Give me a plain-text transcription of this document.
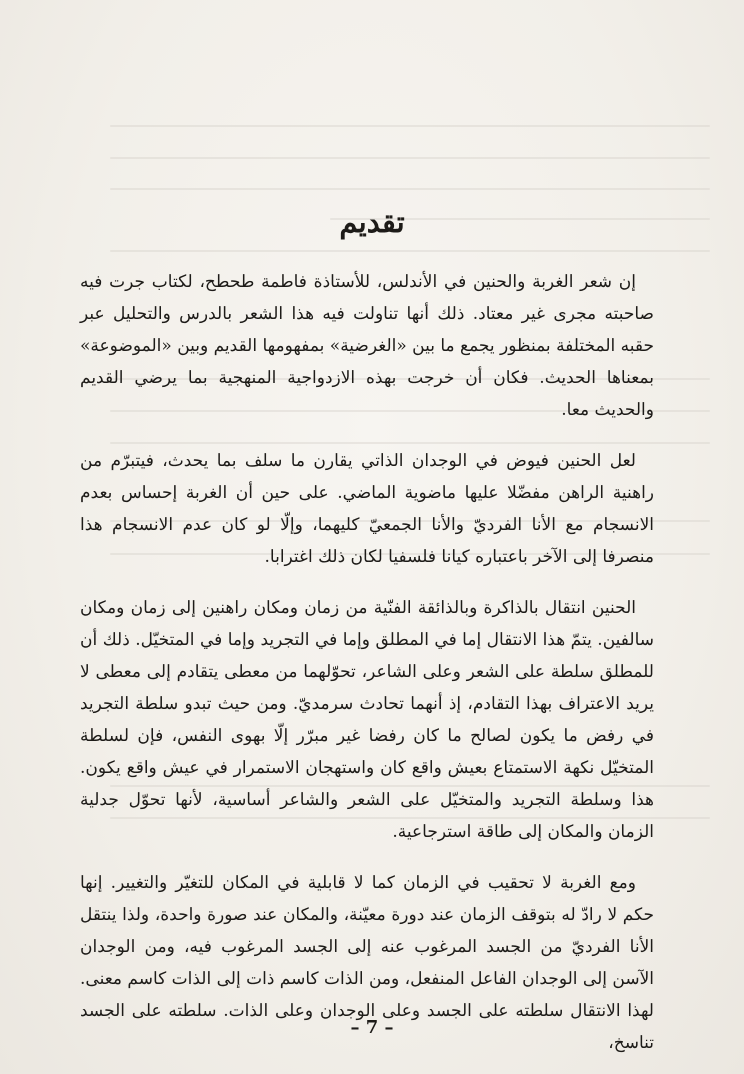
تقديم

إن شعر الغربة والحنين في الأندلس، للأستاذة فاطمة طحطح، لكتاب جرت فيه صاحبته مجرى غير معتاد. ذلك أنها تناولت فيه هذا الشعر بالدرس والتحليل عبر حقبه المختلفة بمنظور يجمع ما بين «الغرضية» بمفهومها القديم وبين «الموضوعة» بمعناها الحديث. فكان أن خرجت بهذه الازدواجية المنهجية بما يرضي القديم والحديث معا.

لعل الحنين فيوض في الوجدان الذاتي يقارن ما سلف بما يحدث، فيتبرّم من راهنية الراهن مفضّلا عليها ماضوية الماضي. على حين أن الغربة إحساس بعدم الانسجام مع الأنا الفرديّ والأنا الجمعيّ كليهما، وإلّا لو كان عدم الانسجام هذا منصرفا إلى الآخر باعتباره كيانا فلسفيا لكان ذلك اغترابا.

الحنين انتقال بالذاكرة وبالذائقة الفنّية من زمان ومكان راهنين إلى زمان ومكان سالفين. يتمّ هذا الانتقال إما في المطلق وإما في التجريد وإما في المتخيّل. ذلك أن للمطلق سلطة على الشعر وعلى الشاعر، تحوّلهما من معطى يتقادم إلى معطى لا يريد الاعتراف بهذا التقادم، إذ أنهما تحادث سرمديّ. ومن حيث تبدو سلطة التجريد في رفض ما يكون لصالح ما كان رفضا غير مبرّر إلّا بهوى النفس، فإن لسلطة المتخيّل نكهة الاستمتاع بعيش واقع كان واستهجان الاستمرار في عيش واقع يكون. هذا وسلطة التجريد والمتخيّل على الشعر والشاعر أساسية، لأنها تحوّل جدلية الزمان والمكان إلى طاقة استرجاعية.

ومع الغربة لا تحقيب في الزمان كما لا قابلية في المكان للتغيّر والتغيير. إنها حكم لا رادّ له بتوقف الزمان عند دورة معيّنة، والمكان عند صورة واحدة، ولذا ينتقل الأنا الفرديّ من الجسد المرغوب عنه إلى الجسد المرغوب فيه، ومن الوجدان الآسن إلى الوجدان الفاعل المنفعل، ومن الذات كاسم ذات إلى الذات كاسم معنى. لهذا الانتقال سلطته على الجسد وعلى الوجدان وعلى الذات. سلطته على الجسد تناسخ،

– 7 –
